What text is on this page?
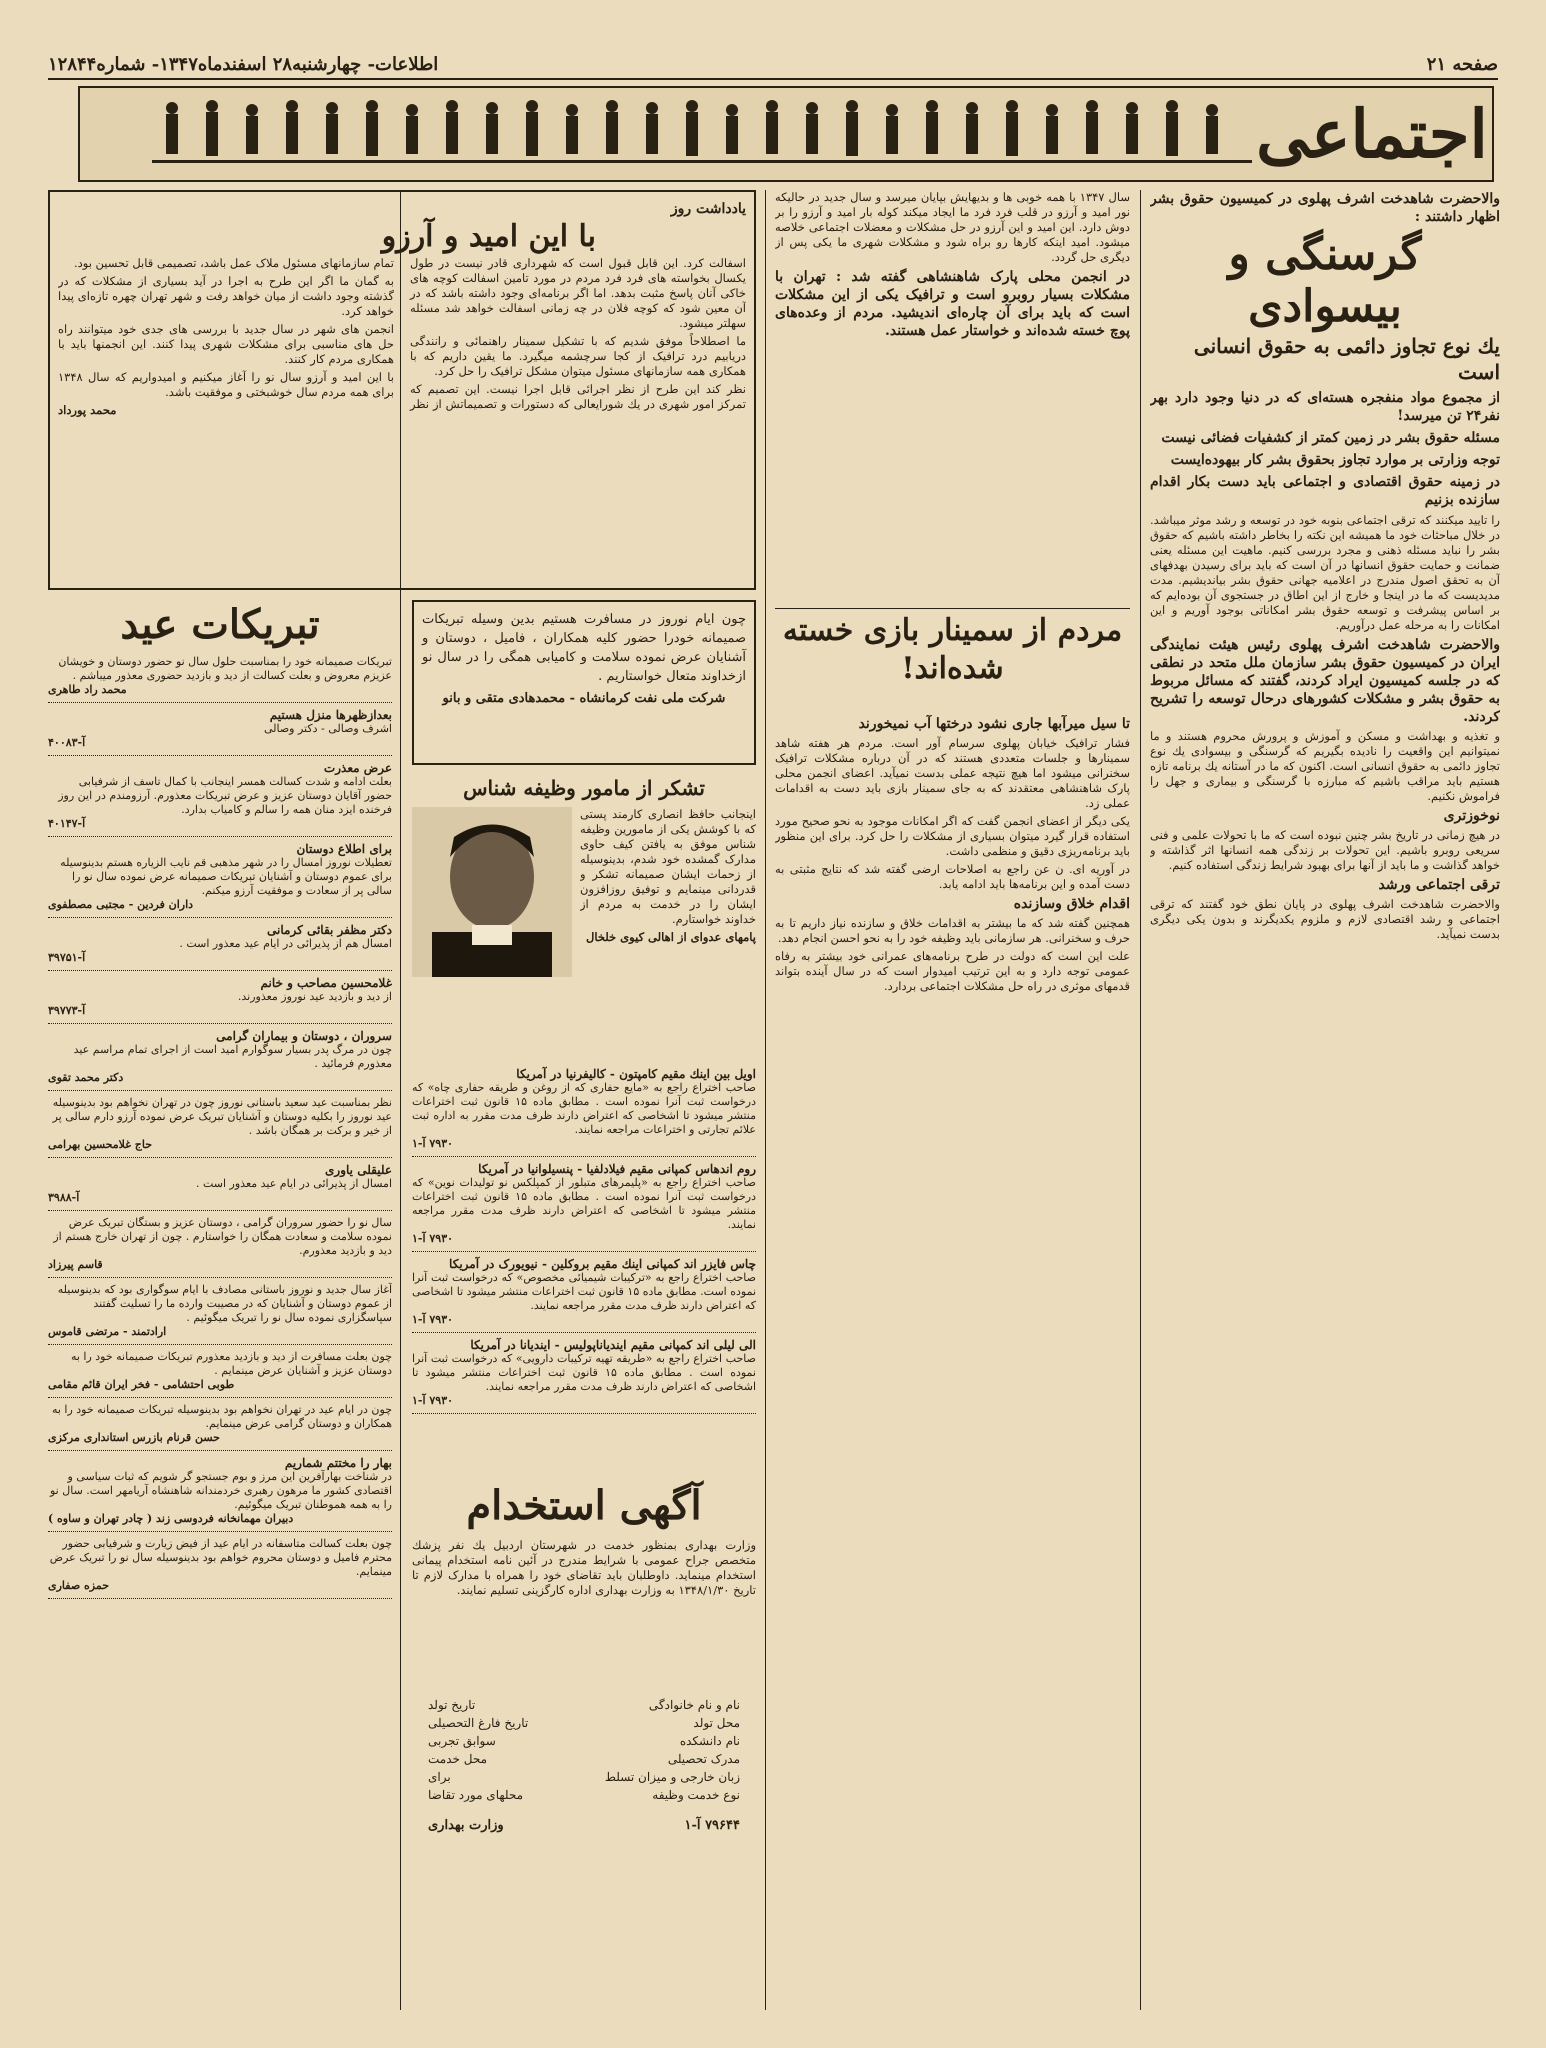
صفحه ۲۱
اطلاعات- چهارشنبه۲۸ اسفندماه۱۳۴۷- شماره۱۲۸۴۴
اجتماعی

والاحضرت شاهدخت اشرف پهلوی در کمیسیون حقوق بشر اظهار داشتند :

گرسنگی و بیسوادی
یك نوع تجاوز دائمی به حقوق انسانی است
از مجموع مواد منفجره هسته‌ای که در دنیا وجود دارد بهر نفر۲۴ تن میرسد!
مسئله حقوق بشر در زمین کمتر از کشفیات فضائی نیست
توجه وزارتی بر موارد تجاوز بحقوق بشر کار بیهوده‌ایست
در زمینه حقوق اقتصادی و اجتماعی باید دست بکار اقدام سازنده بزنیم

را تایید میکنند که ترقی اجتماعی بنوبه خود در توسعه و رشد موثر میباشد. در خلال مباحثات خود ما همیشه این نکته را بخاطر داشته باشیم که حقوق بشر را نباید مسئله ذهنی و مجرد بررسی کنیم. ماهیت این مسئله یعنی ضمانت و حمایت حقوق انسانها در آن است که باید برای رسیدن بهدفهای آن به تحقق اصول مندرج در اعلامیه جهانی حقوق بشر بیاندیشیم. مدت مدیدیست که ما در اینجا و خارج از این اطاق در جستجوی آن بوده‌ایم که بر اساس پیشرفت و توسعه حقوق بشر امکاناتی بوجود آوریم و این امکانات را به مرحله عمل درآوریم.

والاحضرت شاهدخت اشرف پهلوی رئیس هیئت نمایندگی ایران در کمیسیون حقوق بشر سازمان ملل متحد در نطقی که در جلسه کمیسیون ایراد کردند، گفتند که مسائل مربوط به حقوق بشر و مشکلات کشورهای درحال توسعه را تشریح کردند.

و تغذیه و بهداشت و مسکن و آموزش و پرورش محروم هستند و ما نمیتوانیم این واقعیت را نادیده بگیریم که گرسنگی و بیسوادی یك نوع تجاوز دائمی به حقوق انسانی است. اکنون که ما در آستانه یك برنامه تازه هستیم باید مراقب باشیم که مبارزه با گرسنگی و بیماری و جهل را فراموش نکنیم.

نوخوزتری

در هیچ زمانی در تاریخ بشر چنین نبوده است که ما با تحولات علمی و فنی سریعی روبرو باشیم. این تحولات بر زندگی همه انسانها اثر گذاشته و خواهد گذاشت و ما باید از آنها برای بهبود شرایط زندگی استفاده کنیم.

ترقی اجتماعی ورشد

والاحضرت شاهدخت اشرف پهلوی در پایان نطق خود گفتند که ترقی اجتماعی و رشد اقتصادی لازم و ملزوم یکدیگرند و بدون یکی دیگری بدست نمیآید.

سال ۱۳۴۷ با همه خوبی ها و بدیهایش بپایان میرسد و سال جدید در حالیکه نور امید و آرزو در قلب فرد فرد ما ایجاد میکند کوله بار امید و آرزو را بر دوش دارد. این امید و این آرزو در حل مشکلات و معضلات اجتماعی خلاصه میشود. امید اینکه کارها رو براه شود و مشکلات شهری ما یکی پس از دیگری حل گردد.

در انجمن محلی پارک شاهنشاهی گفته شد : تهران با مشکلات بسیار روبرو است و ترافیک یکی از این مشکلات است که باید برای آن چاره‌ای اندیشید. مردم از وعده‌های پوچ خسته شده‌اند و خواستار عمل هستند.

مردم از سمینار بازی خسته شده‌اند!

تا سیل میرآبها جاری نشود درختها آب نمیخورند

فشار ترافیک خیابان پهلوی سرسام آور است. مردم هر هفته شاهد سمینارها و جلسات متعددی هستند که در آن درباره مشکلات ترافیک سخنرانی میشود اما هیچ نتیجه عملی بدست نمیآید. اعضای انجمن محلی پارک شاهنشاهی معتقدند که به جای سمینار بازی باید دست به اقدامات عملی زد.

یکی دیگر از اعضای انجمن گفت که اگر امکانات موجود به نحو صحیح مورد استفاده قرار گیرد میتوان بسیاری از مشکلات را حل کرد. برای این منظور باید برنامه‌ریزی دقیق و منظمی داشت.

در آوریه ای. ن عن راجع به اصلاحات ارضی گفته شد که نتایج مثبتی به دست آمده و این برنامه‌ها باید ادامه یابد.

اقدام خلاق وسازنده

همچنین گفته شد که ما بیشتر به اقدامات خلاق و سازنده نیاز داریم تا به حرف و سخنرانی. هر سازمانی باید وظیفه خود را به نحو احسن انجام دهد.

علت این است که دولت در طرح برنامه‌های عمرانی خود بیشتر به رفاه عمومی توجه دارد و به این ترتیب امیدوار است که در سال آینده بتواند قدمهای موثری در راه حل مشکلات اجتماعی بردارد.

یادداشت روز
با این امید و آرزو

اسفالت کرد. این قابل قبول است که شهرداری قادر نیست در طول یکسال بخواسته های فرد فرد مردم در مورد تامین اسفالت کوچه های خاکی آنان پاسخ مثبت بدهد. اما اگر برنامه‌ای وجود داشته باشد که در آن معین شود که کوچه فلان در چه زمانی اسفالت خواهد شد مسئله سهلتر میشود.

ما اصطلاحاً موفق شدیم که با تشکیل سمینار راهنمائی و رانندگی دریابیم درد ترافیک از کجا سرچشمه میگیرد. ما یقین داریم که با همکاری همه سازمانهای مسئول میتوان مشکل ترافیک را حل کرد.

نظر کند این طرح از نظر اجرائی قابل اجرا نیست. این تصمیم که تمرکز امور شهری در یك شورایعالی که دستورات و تصمیماتش از نظر تمام سازمانهای مسئول ملاک عمل باشد، تصمیمی قابل تحسین بود.

به گمان ما اگر این طرح به اجرا در آید بسیاری از مشکلات که در گذشته وجود داشت از میان خواهد رفت و شهر تهران چهره تازه‌ای پیدا خواهد کرد.

انجمن های شهر در سال جدید با بررسی های جدی خود میتوانند راه حل های مناسبی برای مشکلات شهری پیدا کنند. این انجمنها باید با همکاری مردم کار کنند.

با این امید و آرزو سال نو را آغاز میکنیم و امیدواریم که سال ۱۳۴۸ برای همه مردم سال خوشبختی و موفقیت باشد.

محمد پورداد

چون ایام نوروز در مسافرت هستیم بدین وسیله تبریکات صمیمانه خودرا حضور کلیه همکاران ، فامیل ، دوستان و آشنایان عرض نموده سلامت و کامیابی همگی را در سال نو ازخداوند متعال خواستاریم .

شرکت ملی نفت کرمانشاه - محمدهادی متقی و بانو

تشکر از مامور وظیفه شناس

اینجانب حافظ انصاری کارمند پستی که با کوشش یکی از مامورین وظیفه شناس موفق به یافتن کیف حاوی مدارک گمشده خود شدم، بدینوسیله از زحمات ایشان صمیمانه تشکر و قدردانی مینمایم و توفیق روزافزون ایشان را در خدمت به مردم از خداوند خواستارم.

پامهای عدوای از اهالی کیوی خلخال

اویل بین اینك مقیم کامپتون - کالیفرنیا در آمریکا
صاحب اختراع راجع به «مایع حفاری که از روغن و طریقه حفاری چاه» که درخواست ثبت آنرا نموده است . مطابق ماده ۱۵ قانون ثبت اختراعات منتشر میشود تا اشخاصی که اعتراض دارند ظرف مدت مقرر به اداره ثبت علائم تجارتی و اختراعات مراجعه نمایند.
۷۹۳۰ آ-۱
روم اندهاس کمپانی مقیم فیلادلفیا - پنسیلوانیا در آمریکا
صاحب اختراع راجع به «پلیمرهای متبلور از کمپلکس نو تولیدات نوین» که درخواست ثبت آنرا نموده است . مطابق ماده ۱۵ قانون ثبت اختراعات منتشر میشود تا اشخاصی که اعتراض دارند ظرف مدت مقرر مراجعه نمایند.
۷۹۳۰ آ-۱
چاس فایزر اند کمپانی اینك مقیم بروکلین - نیویورک در آمریکا
صاحب اختراع راجع به «ترکیبات شیمیائی مخصوص» که درخواست ثبت آنرا نموده است. مطابق ماده ۱۵ قانون ثبت اختراعات منتشر میشود تا اشخاصی که اعتراض دارند ظرف مدت مقرر مراجعه نمایند.
۷۹۳۰ آ-۱
الی لیلی اند کمپانی مقیم ایندیاناپولیس - ایندیانا در آمریکا
صاحب اختراع راجع به «طریقه تهیه ترکیبات دارویی» که درخواست ثبت آنرا نموده است . مطابق ماده ۱۵ قانون ثبت اختراعات منتشر میشود تا اشخاصی که اعتراض دارند ظرف مدت مقرر مراجعه نمایند.
۷۹۳۰ آ-۱
آگهی استخدام

وزارت بهداری بمنظور خدمت در شهرستان اردبیل یك نفر پزشك متخصص جراح عمومی با شرایط مندرج در آئین نامه استخدام پیمانی استخدام مینماید. داوطلبان باید تقاضای خود را همراه با مدارک لازم تا تاریخ ۱۳۴۸/۱/۳۰ به وزارت بهداری اداره کارگزینی تسلیم نمایند.

نام و نام خانوادگی
تاریخ تولد
محل تولد
تاریخ فارغ التحصیلی
نام دانشکده
سوابق تجربی
مدرک تحصیلی
محل خدمت
زبان خارجی و میزان تسلط
برای
نوع خدمت وظیفه
محلهای مورد تقاضا
۷۹۶۴۴ آ-۱
وزارت بهداری
تبریکات عید
تبریکات صمیمانه خود را بمناسبت حلول سال نو حضور دوستان و خویشان عزیزم معروض و بعلت کسالت از دید و بازدید حضوری معذور میباشم .
محمد راد طاهری
بعدازظهرها منزل هستیم
اشرف وصالی - دکتر وصالی
آ-۴۰۰۸۳
عرض معذرت
بعلت ادامه و شدت کسالت همسر اینجانب با کمال تاسف از شرفیابی حضور آقایان دوستان عزیز و عرض تبریکات معذورم. آرزومندم در این روز فرخنده ایزد منان همه را سالم و کامیاب بدارد.
آ-۴۰۱۴۷
برای اطلاع دوستان
تعطیلات نوروز امسال را در شهر مذهبی قم نایب الزیاره هستم بدینوسیله برای عموم دوستان و آشنایان تبریکات صمیمانه عرض نموده سال نو را سالی پر از سعادت و موفقیت آرزو میکنم.
داران فردین - مجتبی مصطفوی
دکتر مظفر بقائی کرمانی
امسال هم از پذیرائی در ایام عید معذور است .
آ-۳۹۷۵۱
غلامحسین مصاحب و خانم
از دید و بازدید عید نوروز معذورند.
آ-۳۹۷۷۳
سروران ، دوستان و بیماران گرامی
چون در مرگ پدر بسیار سوگوارم امید است از اجرای تمام مراسم عید معذورم فرمائید .
دکتر محمد تقوی
نظر بمناسبت عید سعید باستانی نوروز چون در تهران نخواهم بود بدینوسیله عید نوروز را بکلیه دوستان و آشنایان تبریک عرض نموده آرزو دارم سالی پر از خیر و برکت بر همگان باشد .
حاج غلامحسین بهرامی
علیقلی یاوری
امسال از پذیرائی در ایام عید معذور است .
آ-۳۹۸۸
سال نو را حضور سروران گرامی ، دوستان عزیز و بستگان تبریک عرض نموده سلامت و سعادت همگان را خواستارم . چون از تهران خارج هستم از دید و بازدید معذورم.
قاسم پیرزاد
آغاز سال جدید و نوروز باستانی مصادف با ایام سوگواری بود که بدینوسیله از عموم دوستان و آشنایان که در مصیبت وارده ما را تسلیت گفتند سپاسگزاری نموده سال نو را تبریک میگوئیم .
ارادتمند - مرتضی قاموس
چون بعلت مسافرت از دید و بازدید معذورم تبریکات صمیمانه خود را به دوستان عزیز و آشنایان عرض مینمایم .
طوبی احتشامی - فخر ایران قائم مقامی
چون در ایام عید در تهران نخواهم بود بدینوسیله تبریکات صمیمانه خود را به همکاران و دوستان گرامی عرض مینمایم.
حسن قرنام بازرس استانداری مرکزی
بهار را مختتم شماریم
در شناخت بهارآفرین این مرز و بوم جستجو گر شویم که ثبات سیاسی و اقتصادی کشور ما مرهون رهبری خردمندانه شاهنشاه آریامهر است. سال نو را به همه هموطنان تبریک میگوئیم.
دبیران مهمانخانه فردوسی زند ( چادر تهران و ساوه )
چون بعلت کسالت متاسفانه در ایام عید از فیض زیارت و شرفیابی حضور محترم فامیل و دوستان محروم خواهم بود بدینوسیله سال نو را تبریک عرض مینمایم.
حمزه صفاری
